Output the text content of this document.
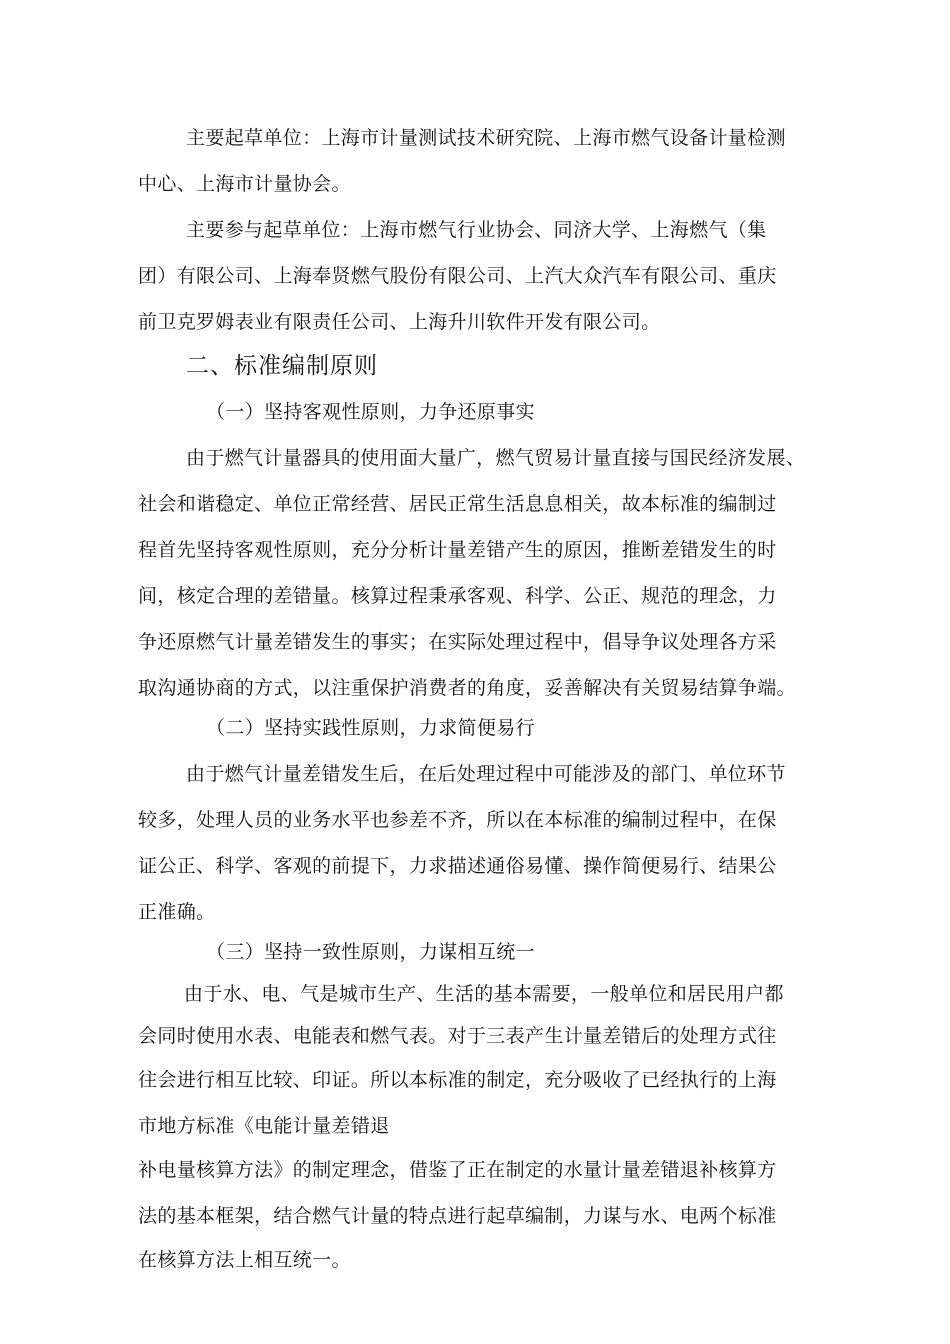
主要起草单位：上海市计量测试技术研究院、上海市燃气设备计量检测
中心、上海市计量协会。
主要参与起草单位：上海市燃气行业协会、同济大学、上海燃气（集
团）有限公司、上海奉贤燃气股份有限公司、上汽大众汽车有限公司、重庆
前卫克罗姆表业有限责任公司、上海升川软件开发有限公司。
二、标准编制原则
（一）坚持客观性原则，力争还原事实
由于燃气计量器具的使用面大量广，燃气贸易计量直接与国民经济发展、
社会和谐稳定、单位正常经营、居民正常生活息息相关，故本标准的编制过
程首先坚持客观性原则，充分分析计量差错产生的原因，推断差错发生的时
间，核定合理的差错量。核算过程秉承客观、科学、公正、规范的理念，力
争还原燃气计量差错发生的事实；在实际处理过程中，倡导争议处理各方采
取沟通协商的方式，以注重保护消费者的角度，妥善解决有关贸易结算争端。
（二）坚持实践性原则，力求简便易行
由于燃气计量差错发生后，在后处理过程中可能涉及的部门、单位环节
较多，处理人员的业务水平也参差不齐，所以在本标准的编制过程中，在保
证公正、科学、客观的前提下，力求描述通俗易懂、操作简便易行、结果公
正准确。
（三）坚持一致性原则，力谋相互统一
由于水、电、气是城市生产、生活的基本需要，一般单位和居民用户都
会同时使用水表、电能表和燃气表。对于三表产生计量差错后的处理方式往
往会进行相互比较、印证。所以本标准的制定，充分吸收了已经执行的上海
市地方标准《电能计量差错退
补电量核算方法》的制定理念，借鉴了正在制定的水量计量差错退补核算方
法的基本框架，结合燃气计量的特点进行起草编制，力谋与水、电两个标准
在核算方法上相互统一。
